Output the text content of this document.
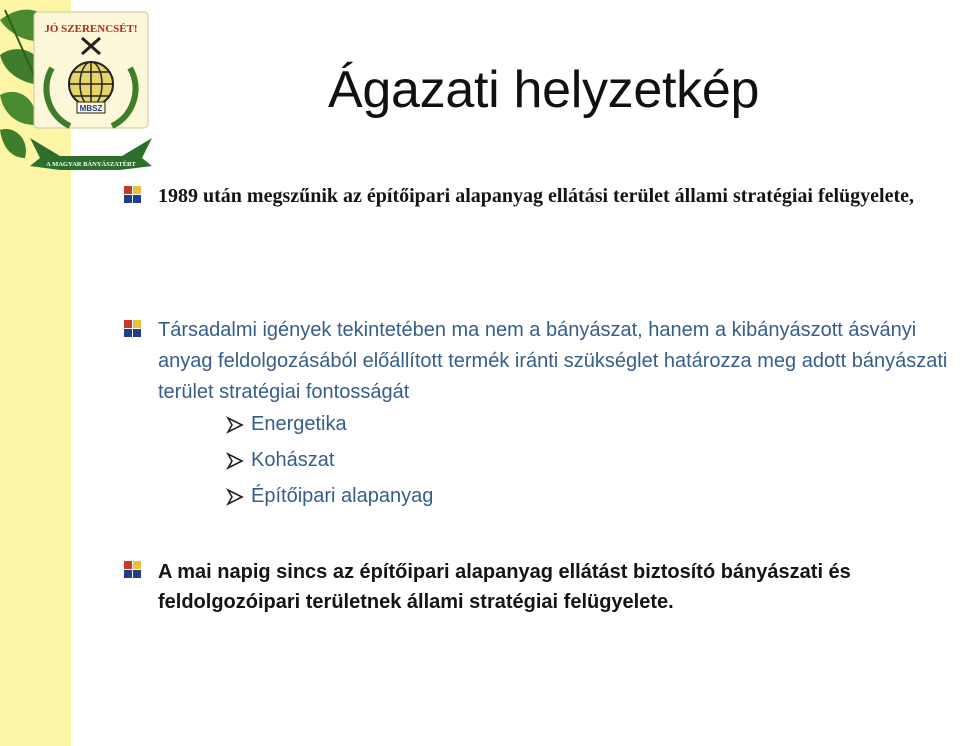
JÓ SZERENCSÉT!
MBSZ
A MAGYAR BÁNYÁSZATÉRT
Ágazati helyzetkép

1989 után megszűnik az építőipari alapanyag ellátási terület állami stratégiai felügyelete,

Társadalmi igények tekintetében ma nem a bányászat, hanem a kibányászott ásványi anyag feldolgozásából előállított termék iránti szükséglet határozza meg adott bányászati terület stratégiai fontosságát

Energetika
Kohászat
Építőipari alapanyag

A mai napig sincs az építőipari alapanyag ellátást biztosító bányászati és feldolgozóipari területnek állami stratégiai felügyelete.
